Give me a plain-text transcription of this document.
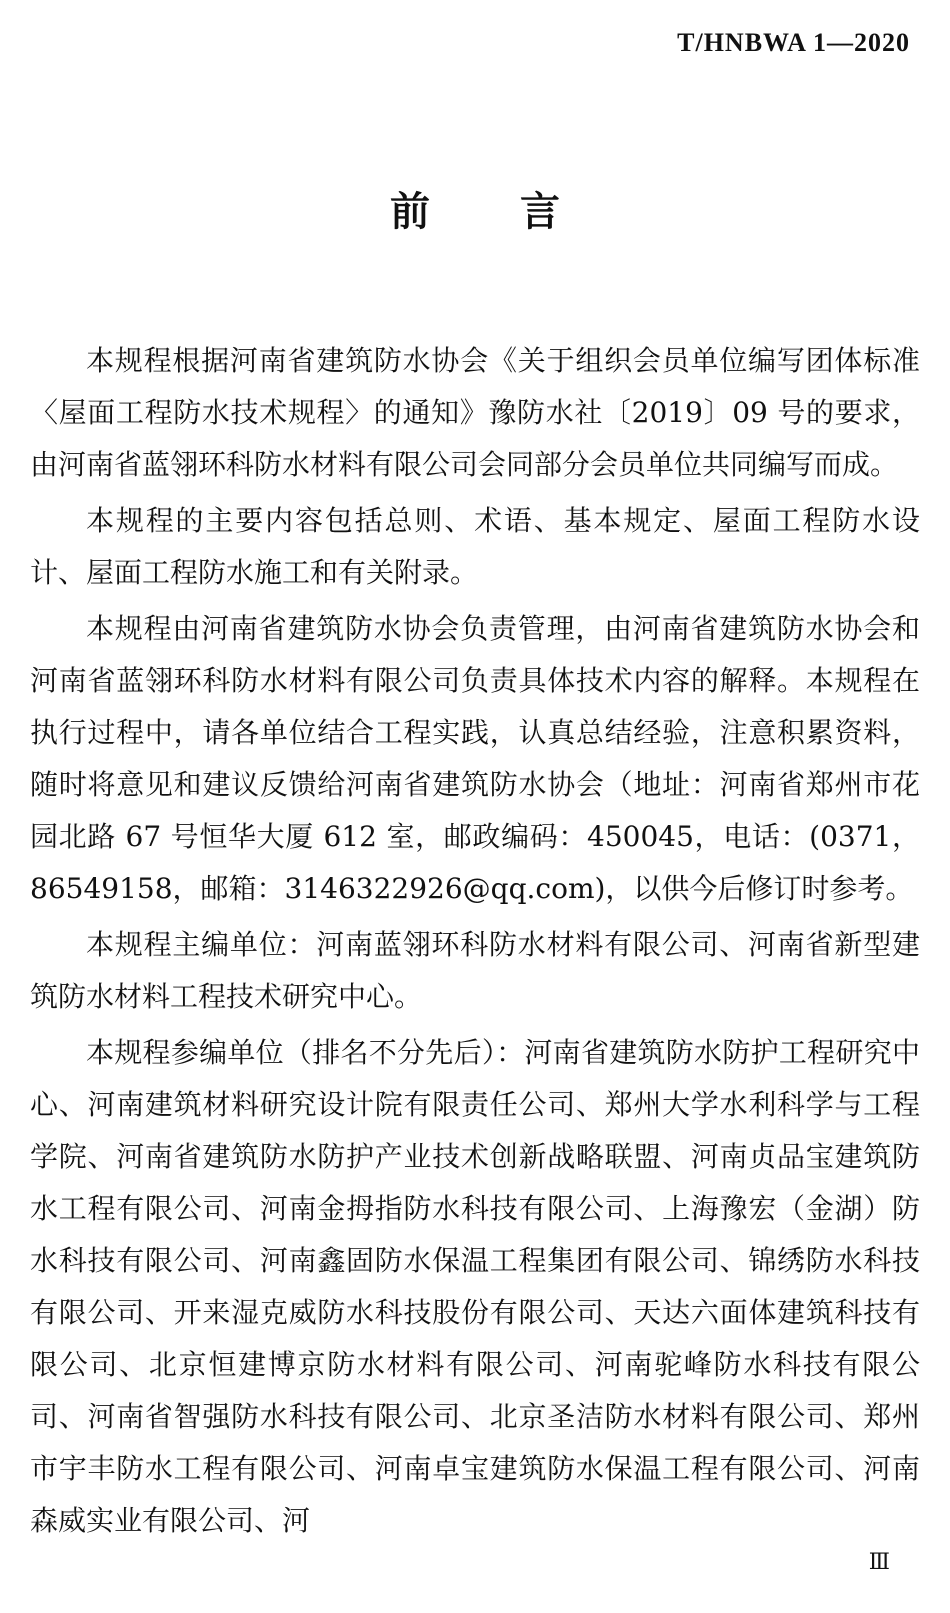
T/HNBWA 1—2020
前言

本规程根据河南省建筑防水协会《关于组织会员单位编写团体标准〈屋面工程防水技术规程〉的通知》豫防水社〔2019〕09 号的要求，由河南省蓝翎环科防水材料有限公司会同部分会员单位共同编写而成。

本规程的主要内容包括总则、术语、基本规定、屋面工程防水设计、屋面工程防水施工和有关附录。

本规程由河南省建筑防水协会负责管理，由河南省建筑防水协会和河南省蓝翎环科防水材料有限公司负责具体技术内容的解释。本规程在执行过程中，请各单位结合工程实践，认真总结经验，注意积累资料，随时将意见和建议反馈给河南省建筑防水协会（地址：河南省郑州市花园北路 67 号恒华大厦 612 室，邮政编码：450045，电话：(0371，86549158，邮箱：3146322926@qq.com)，以供今后修订时参考。

本规程主编单位：河南蓝翎环科防水材料有限公司、河南省新型建筑防水材料工程技术研究中心。

本规程参编单位（排名不分先后）：河南省建筑防水防护工程研究中心、河南建筑材料研究设计院有限责任公司、郑州大学水利科学与工程学院、河南省建筑防水防护产业技术创新战略联盟、河南贞品宝建筑防水工程有限公司、河南金拇指防水科技有限公司、上海豫宏（金湖）防水科技有限公司、河南鑫固防水保温工程集团有限公司、锦绣防水科技有限公司、开来湿克威防水科技股份有限公司、天达六面体建筑科技有限公司、北京恒建博京防水材料有限公司、河南驼峰防水科技有限公司、河南省智强防水科技有限公司、北京圣洁防水材料有限公司、郑州市宇丰防水工程有限公司、河南卓宝建筑防水保温工程有限公司、河南森威实业有限公司、河

Ⅲ
